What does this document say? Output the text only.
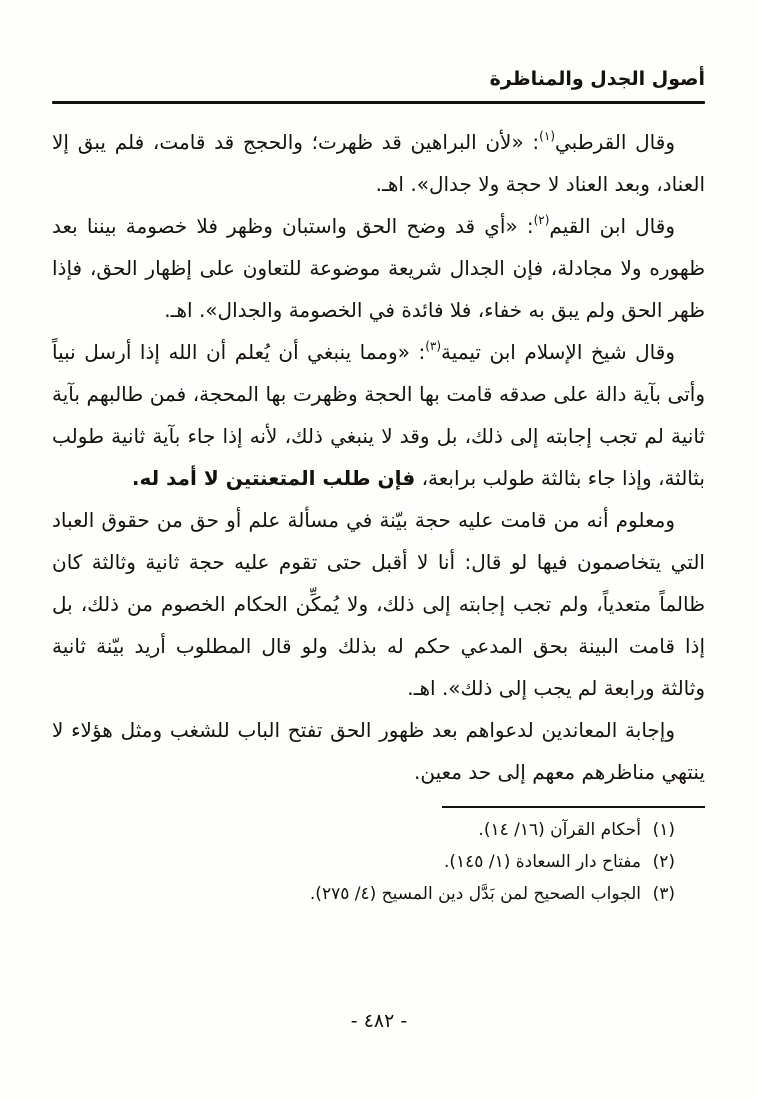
أصول الجدل والمناظرة

وقال القرطبي$^{(١)}$: «لأن البراهين قد ظهرت؛ والحجج قد قامت، فلم يبق إلا العناد، وبعد العناد لا حجة ولا جدال». اهـ.

وقال ابن القيم$^{(٢)}$: «أي قد وضح الحق واستبان وظهر فلا خصومة بيننا بعد ظهوره ولا مجادلة، فإن الجدال شريعة موضوعة للتعاون على إظهار الحق، فإذا ظهر الحق ولم يبق به خفاء، فلا فائدة في الخصومة والجدال». اهـ.

وقال شيخ الإسلام ابن تيمية$^{(٣)}$: «ومما ينبغي أن يُعلم أن الله إذا أرسل نبياً وأتى بآية دالة على صدقه قامت بها الحجة وظهرت بها المحجة، فمن طالبهم بآية ثانية لم تجب إجابته إلى ذلك، بل وقد لا ينبغي ذلك، لأنه إذا جاء بآية ثانية طولب بثالثة، وإذا جاء بثالثة طولب برابعة، فإن طلب المتعنتين لا أمد له.

ومعلوم أنه من قامت عليه حجة بيّنة في مسألة علم أو حق من حقوق العباد التي يتخاصمون فيها لو قال: أنا لا أقبل حتى تقوم عليه حجة ثانية وثالثة كان ظالماً متعدياً، ولم تجب إجابته إلى ذلك، ولا يُمكِّن الحكام الخصوم من ذلك، بل إذا قامت البينة بحق المدعي حكم له بذلك ولو قال المطلوب أريد بيّنة ثانية وثالثة ورابعة لم يجب إلى ذلك». اهـ.

وإجابة المعاندين لدعواهم بعد ظهور الحق تفتح الباب للشغب ومثل هؤلاء لا ينتهي مناظرهم معهم إلى حد معين.

(١)
أحكام القرآن (١٦/ ١٤).
(٢)
مفتاح دار السعادة (١/ ١٤٥).
(٣)
الجواب الصحيح لمن بَدَّل دين المسيح (٤/ ٢٧٥).
- ٤٨٢ -
